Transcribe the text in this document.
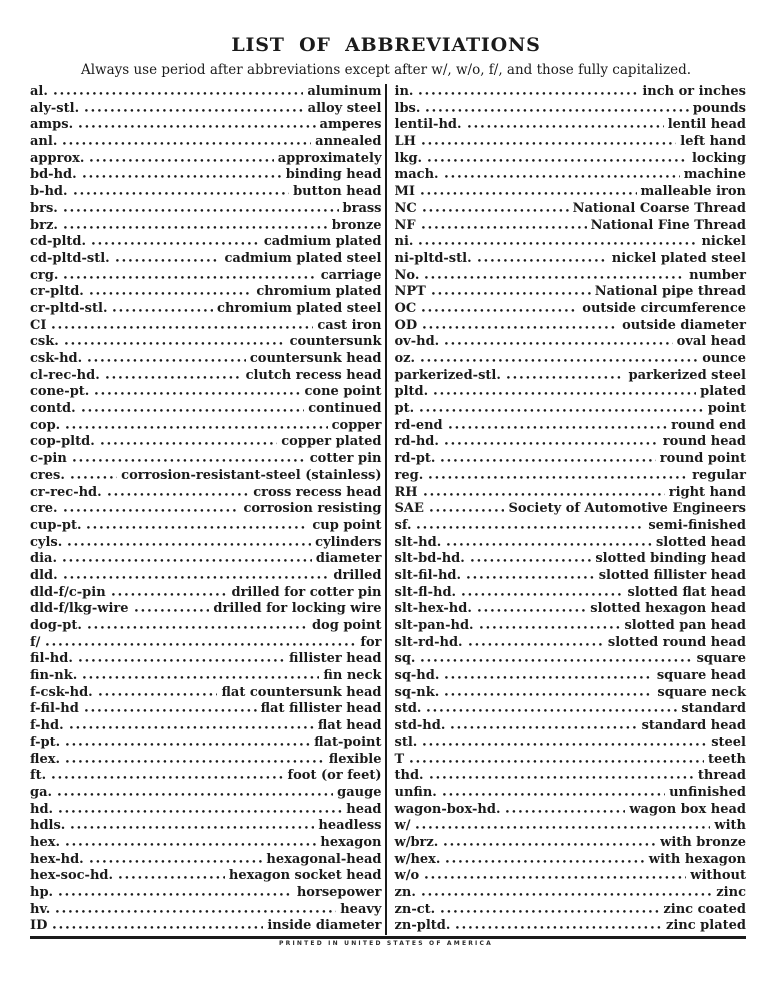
LIST OF ABBREVIATIONS

Always use period after abbreviations except after w/, w/o, f/, and those fully capitalized.

al.	aluminum
aly-stl.	alloy steel
amps.	amperes
anl.	annealed
approx.	approximately
bd-hd.	binding head
b-hd.	button head
brs.	brass
brz.	bronze
cd-pltd.	cadmium plated
cd-pltd-stl.	cadmium plated steel
crg.	carriage
cr-pltd.	chromium plated
cr-pltd-stl.	chromium plated steel
CI	cast iron
csk.	countersunk
csk-hd.	countersunk head
cl-rec-hd.	clutch recess head
cone-pt.	cone point
contd.	continued
cop.	copper
cop-pltd.	copper plated
c-pin	cotter pin
cres.	corrosion-resistant-steel (stainless)
cr-rec-hd.	cross recess head
cre.	corrosion resisting
cup-pt.	cup point
cyls.	cylinders
dia.	diameter
dld.	drilled
dld-f/c-pin	drilled for cotter pin
dld-f/lkg-wire	drilled for locking wire
dog-pt.	dog point
f/	for
fil-hd.	fillister head
fin-nk.	fin neck
f-csk-hd.	flat countersunk head
f-fil-hd	flat fillister head
f-hd.	flat head
f-pt.	flat-point
flex.	flexible
ft.	foot (or feet)
ga.	gauge
hd.	head
hdls.	headless
hex.	hexagon
hex-hd.	hexagonal-head
hex-soc-hd.	hexagon socket head
hp.	horsepower
hv.	heavy
ID	inside diameter
in.	inch or inches
lbs.	pounds
lentil-hd.	lentil head
LH	left hand
lkg.	locking
mach.	machine
MI	malleable iron
NC	National Coarse Thread
NF	National Fine Thread
ni.	nickel
ni-pltd-stl.	nickel plated steel
No.	number
NPT	National pipe thread
OC	outside circumference
OD	outside diameter
ov-hd.	oval head
oz.	ounce
parkerized-stl.	parkerized steel
pltd.	plated
pt.	point
rd-end	round end
rd-hd.	round head
rd-pt.	round point
reg.	regular
RH	right hand
SAE	Society of Automotive Engineers
sf.	semi-finished
slt-hd.	slotted head
slt-bd-hd.	slotted binding head
slt-fil-hd.	slotted fillister head
slt-fl-hd.	slotted flat head
slt-hex-hd.	slotted hexagon head
slt-pan-hd.	slotted pan head
slt-rd-hd.	slotted round head
sq.	square
sq-hd.	square head
sq-nk.	square neck
std.	standard
std-hd.	standard head
stl.	steel
T	teeth
thd.	thread
unfin.	unfinished
wagon-box-hd.	wagon box head
w/	with
w/brz.	with bronze
w/hex.	with hexagon
w/o	without
zn.	zinc
zn-ct.	zinc coated
zn-pltd.	zinc plated
PRINTED IN UNITED STATES OF AMERICA
